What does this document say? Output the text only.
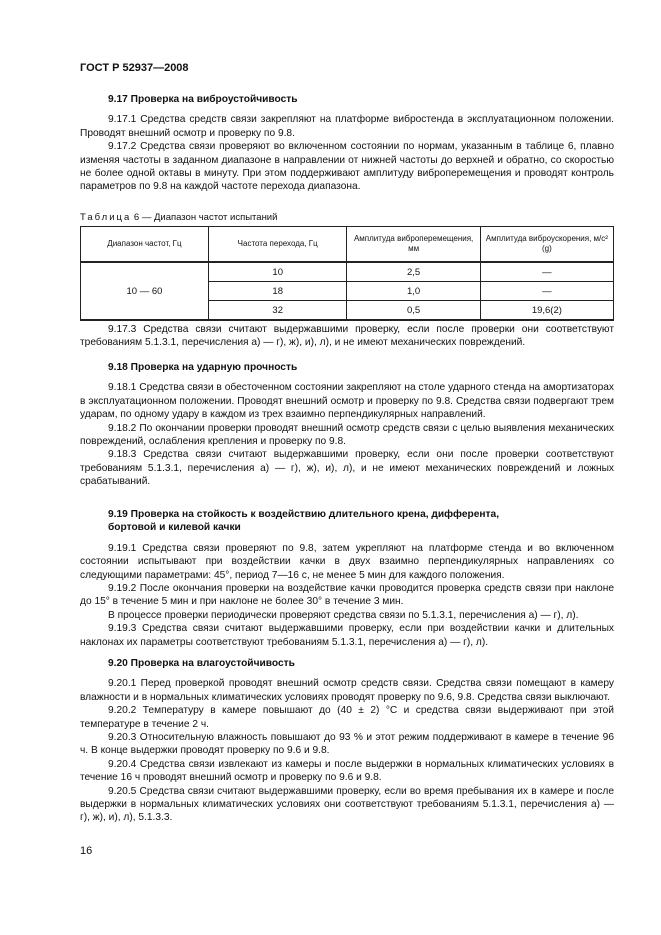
ГОСТ Р 52937—2008
9.17 Проверка на виброустойчивость
9.17.1 Средства средств связи закрепляют на платформе вибростенда в эксплуатационном положении. Проводят внешний осмотр и проверку по 9.8.
9.17.2 Средства связи проверяют во включенном состоянии по нормам, указанным в таблице 6, плавно изменяя частоты в заданном диапазоне в направлении от нижней частоты до верхней и обратно, со скоростью не более одной октавы в минуту. При этом поддерживают амплитуду виброперемещения и проводят контроль параметров по 9.8 на каждой частоте перехода диапазона.
Таблица 6 — Диапазон частот испытаний
Диапазон частот, Гц	Частота перехода, Гц	Амплитуда виброперемещения, мм	Амплитуда виброускорения, м/с² (g)
10 — 60	10	2,5	—
	18	1,0	—
	32	0,5	19,6(2)
9.17.3 Средства связи считают выдержавшими проверку, если после проверки они соответствуют требованиям 5.1.3.1, перечисления а) — г), ж), и), л), и не имеют механических повреждений.
9.18 Проверка на ударную прочность
9.18.1 Средства связи в обесточенном состоянии закрепляют на столе ударного стенда на амортизаторах в эксплуатационном положении. Проводят внешний осмотр и проверку по 9.8. Средства связи подвергают трем ударам, по одному удару в каждом из трех взаимно перпендикулярных направлений.
9.18.2 По окончании проверки проводят внешний осмотр средств связи с целью выявления механических повреждений, ослабления крепления и проверку по 9.8.
9.18.3 Средства связи считают выдержавшими проверку, если они после проверки соответствуют требованиям 5.1.3.1, перечисления а) — г), ж), и), л), и не имеют механических повреждений и ложных срабатываний.
9.19 Проверка на стойкость к воздействию длительного крена, дифферента,
бортовой и килевой качки
9.19.1 Средства связи проверяют по 9.8, затем укрепляют на платформе стенда и во включенном состоянии испытывают при воздействии качки в двух взаимно перпендикулярных направлениях со следующими параметрами: 45°, период 7—16 с, не менее 5 мин для каждого положения.
9.19.2 После окончания проверки на воздействие качки проводится проверка средств связи при наклоне до 15° в течение 5 мин и при наклоне не более 30° в течение 3 мин.
В процессе проверки периодически проверяют средства связи по 5.1.3.1, перечисления а) — г), л).
9.19.3 Средства связи считают выдержавшими проверку, если при воздействии качки и длительных наклонах их параметры соответствуют требованиям 5.1.3.1, перечисления а) — г), л).
9.20 Проверка на влагоустойчивость
9.20.1 Перед проверкой проводят внешний осмотр средств связи. Средства связи помещают в камеру влажности и в нормальных климатических условиях проводят проверку по 9.6, 9.8. Средства связи выключают.
9.20.2 Температуру в камере повышают до (40 ± 2) °С и средства связи выдерживают при этой температуре в течение 2 ч.
9.20.3 Относительную влажность повышают до 93 % и этот режим поддерживают в камере в течение 96 ч. В конце выдержки проводят проверку по 9.6 и 9.8.
9.20.4 Средства связи извлекают из камеры и после выдержки в нормальных климатических условиях в течение 16 ч проводят внешний осмотр и проверку по 9.6 и 9.8.
9.20.5 Средства связи считают выдержавшими проверку, если во время пребывания их в камере и после выдержки в нормальных климатических условиях они соответствуют требованиям 5.1.3.1, перечисления а) — г), ж), и), л), 5.1.3.3.
16
